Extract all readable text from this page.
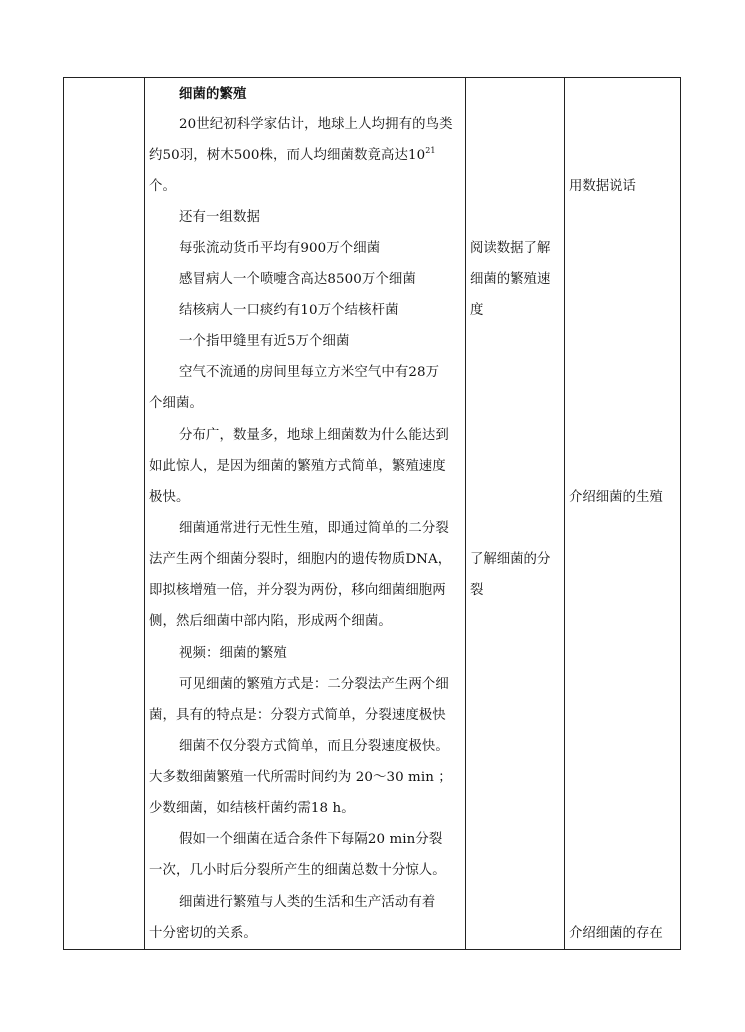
细菌的繁殖
20世纪初科学家估计，地球上人均拥有的鸟类
约50羽，树木500株，而人均细菌数竟高达$10^{21}$
个。
还有一组数据
每张流动货币平均有900万个细菌
感冒病人一个喷嚏含高达8500万个细菌
结核病人一口痰约有10万个结核杆菌
一个指甲缝里有近5万个细菌
空气不流通的房间里每立方米空气中有28万
个细菌。
分布广，数量多，地球上细菌数为什么能达到
如此惊人，是因为细菌的繁殖方式简单，繁殖速度
极快。
细菌通常进行无性生殖，即通过简单的二分裂
法产生两个细菌分裂时，细胞内的遗传物质DNA，
即拟核增殖一倍，并分裂为两份，移向细菌细胞两
侧，然后细菌中部内陷，形成两个细菌。
视频：细菌的繁殖
可见细菌的繁殖方式是：二分裂法产生两个细
菌，具有的特点是：分裂方式简单，分裂速度极快
细菌不仅分裂方式简单，而且分裂速度极快。
大多数细菌繁殖一代所需时间约为 20～30 min ；
少数细菌，如结核杆菌约需18 h。
假如一个细菌在适合条件下每隔20 min分裂
一次，几小时后分裂所产生的细菌总数十分惊人。
细菌进行繁殖与人类的生活和生产活动有着
十分密切的关系。
阅读数据了解
细菌的繁殖速
度
了解细菌的分
裂
用数据说话
介绍细菌的生殖
介绍细菌的存在
